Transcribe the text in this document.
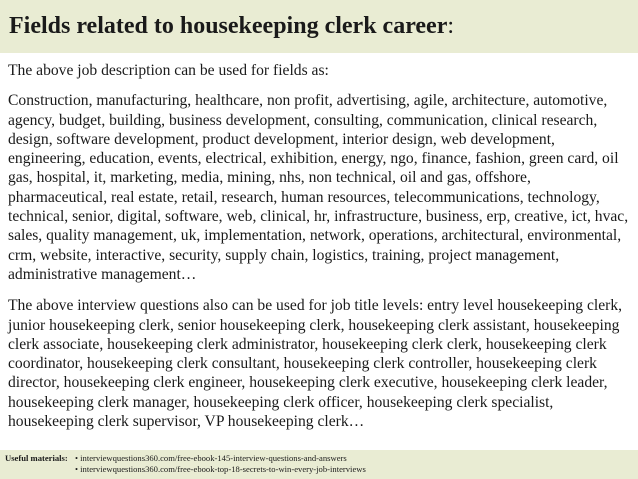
Fields related to housekeeping clerk career:

The above job description can be used for fields as:

Construction, manufacturing, healthcare, non profit, advertising, agile, architecture, automotive, agency, budget, building, business development, consulting, communication, clinical research, design, software development, product development, interior design, web development, engineering, education, events, electrical, exhibition, energy, ngo, finance, fashion, green card, oil gas, hospital, it, marketing, media, mining, nhs, non technical, oil and gas, offshore, pharmaceutical, real estate, retail, research, human resources, telecommunications, technology, technical, senior, digital, software, web, clinical, hr, infrastructure, business, erp, creative, ict, hvac, sales, quality management, uk, implementation, network, operations, architectural, environmental, crm, website, interactive, security, supply chain, logistics, training, project management, administrative management…

The above interview questions also can be used for job title levels: entry level housekeeping clerk, junior housekeeping clerk, senior housekeeping clerk, housekeeping clerk assistant, housekeeping clerk associate, housekeeping clerk administrator, housekeeping clerk clerk, housekeeping clerk coordinator, housekeeping clerk consultant, housekeeping clerk controller, housekeeping clerk director, housekeeping clerk engineer, housekeeping clerk executive, housekeeping clerk leader, housekeeping clerk manager, housekeeping clerk officer, housekeeping clerk specialist, housekeeping clerk supervisor, VP housekeeping clerk…

Useful materials: • interviewquestions360.com/free-ebook-145-interview-questions-and-answers
• interviewquestions360.com/free-ebook-top-18-secrets-to-win-every-job-interviews
